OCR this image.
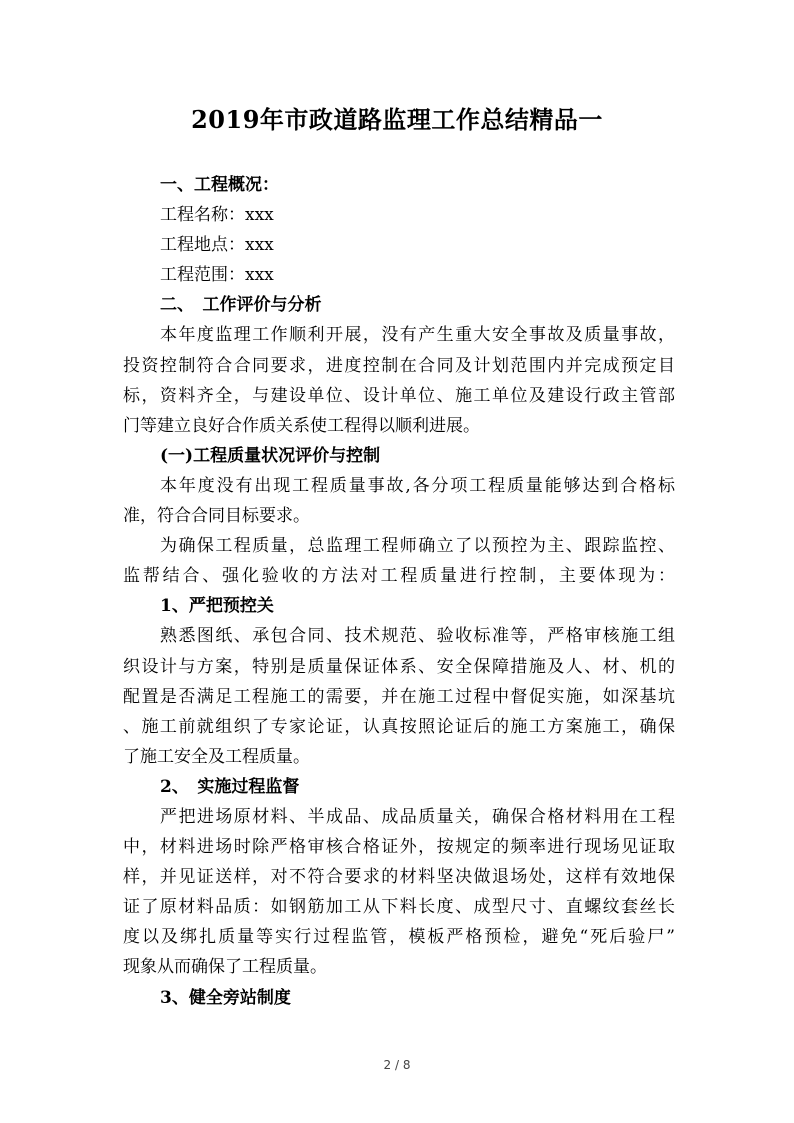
2019年市政道路监理工作总结精品一
一、工程概况：
工程名称：xxx
工程地点：xxx
工程范围：xxx
二、　工作评价与分析
本年度监理工作顺利开展，没有产生重大安全事故及质量事故，
投资控制符合合同要求，进度控制在合同及计划范围内并完成预定目
标，资料齐全，与建设单位、设计单位、施工单位及建设行政主管部
门等建立良好合作质关系使工程得以顺利进展。
(一)工程质量状况评价与控制
本年度没有出现工程质量事故,各分项工程质量能够达到合格标
准，符合合同目标要求。
为确保工程质量，总监理工程师确立了以预控为主、跟踪监控、
监帮结合、强化验收的方法对工程质量进行控制，主要体现为：
1、严把预控关
熟悉图纸、承包合同、技术规范、验收标准等，严格审核施工组
织设计与方案，特别是质量保证体系、安全保障措施及人、材、机的
配置是否满足工程施工的需要，并在施工过程中督促实施，如深基坑
、施工前就组织了专家论证，认真按照论证后的施工方案施工，确保
了施工安全及工程质量。
2、　实施过程监督
严把进场原材料、半成品、成品质量关，确保合格材料用在工程
中，材料进场时除严格审核合格证外，按规定的频率进行现场见证取
样，并见证送样，对不符合要求的材料坚决做退场处，这样有效地保
证了原材料品质：如钢筋加工从下料长度、成型尺寸、直螺纹套丝长
度以及绑扎质量等实行过程监管，模板严格预检，避免“死后验尸”
现象从而确保了工程质量。
3、健全旁站制度
2 / 8
